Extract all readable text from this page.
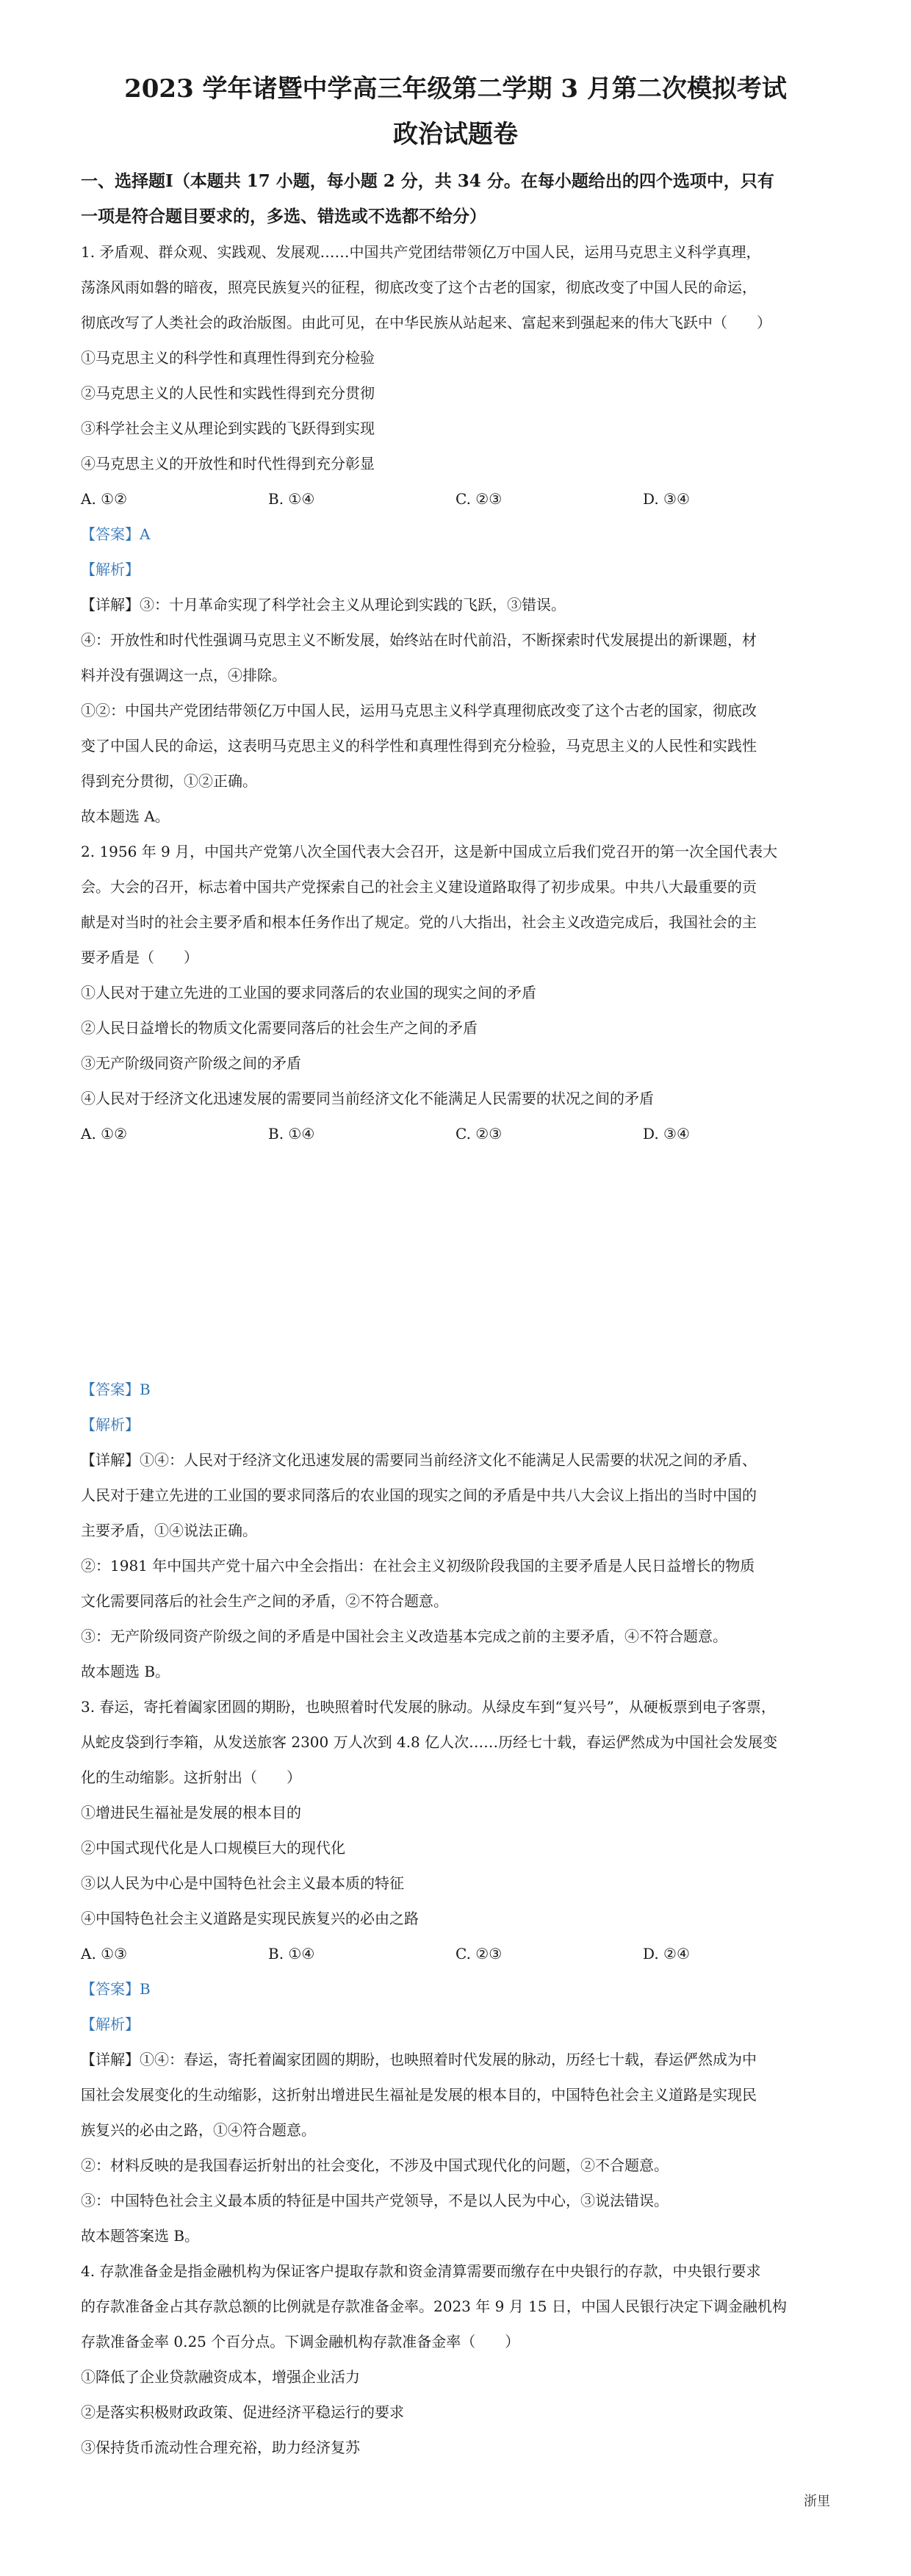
2023 学年诸暨中学高三年级第二学期 3 月第二次模拟考试
政治试题卷

一、选择题Ⅰ（本题共 17 小题，每小题 2 分，共 34 分。在每小题给出的四个选项中，只有

一项是符合题目要求的，多选、错选或不选都不给分）

1. 矛盾观、群众观、实践观、发展观……中国共产党团结带领亿万中国人民，运用马克思主义科学真理，

荡涤风雨如磐的暗夜，照亮民族复兴的征程，彻底改变了这个古老的国家，彻底改变了中国人民的命运，

彻底改写了人类社会的政治版图。由此可见，在中华民族从站起来、富起来到强起来的伟大飞跃中（　　）

①马克思主义的科学性和真理性得到充分检验

②马克思主义的人民性和实践性得到充分贯彻

③科学社会主义从理论到实践的飞跃得到实现

④马克思主义的开放性和时代性得到充分彰显

A. ①②	B. ①④	C. ②③	D. ③④

【答案】A

【解析】

【详解】③：十月革命实现了科学社会主义从理论到实践的飞跃，③错误。

④：开放性和时代性强调马克思主义不断发展，始终站在时代前沿，不断探索时代发展提出的新课题，材

料并没有强调这一点，④排除。

①②：中国共产党团结带领亿万中国人民，运用马克思主义科学真理彻底改变了这个古老的国家，彻底改

变了中国人民的命运，这表明马克思主义的科学性和真理性得到充分检验，马克思主义的人民性和实践性

得到充分贯彻，①②正确。

故本题选 A。

2. 1956 年 9 月，中国共产党第八次全国代表大会召开，这是新中国成立后我们党召开的第一次全国代表大

会。大会的召开，标志着中国共产党探索自己的社会主义建设道路取得了初步成果。中共八大最重要的贡

献是对当时的社会主要矛盾和根本任务作出了规定。党的八大指出，社会主义改造完成后，我国社会的主

要矛盾是（　　）

①人民对于建立先进的工业国的要求同落后的农业国的现实之间的矛盾

②人民日益增长的物质文化需要同落后的社会生产之间的矛盾

③无产阶级同资产阶级之间的矛盾

④人民对于经济文化迅速发展的需要同当前经济文化不能满足人民需要的状况之间的矛盾

A. ①②	B. ①④	C. ②③	D. ③④

【答案】B

【解析】

【详解】①④：人民对于经济文化迅速发展的需要同当前经济文化不能满足人民需要的状况之间的矛盾、

人民对于建立先进的工业国的要求同落后的农业国的现实之间的矛盾是中共八大会议上指出的当时中国的

主要矛盾，①④说法正确。

②：1981 年中国共产党十届六中全会指出：在社会主义初级阶段我国的主要矛盾是人民日益增长的物质

文化需要同落后的社会生产之间的矛盾，②不符合题意。

③：无产阶级同资产阶级之间的矛盾是中国社会主义改造基本完成之前的主要矛盾，④不符合题意。

故本题选 B。

3. 春运，寄托着阖家团圆的期盼，也映照着时代发展的脉动。从绿皮车到“复兴号”，从硬板票到电子客票，

从蛇皮袋到行李箱，从发送旅客 2300 万人次到 4.8 亿人次……历经七十载，春运俨然成为中国社会发展变

化的生动缩影。这折射出（　　）

①增进民生福祉是发展的根本目的

②中国式现代化是人口规模巨大的现代化

③以人民为中心是中国特色社会主义最本质的特征

④中国特色社会主义道路是实现民族复兴的必由之路

A. ①③	B. ①④	C. ②③	D. ②④

【答案】B

【解析】

【详解】①④：春运，寄托着阖家团圆的期盼，也映照着时代发展的脉动，历经七十载，春运俨然成为中

国社会发展变化的生动缩影，这折射出增进民生福祉是发展的根本目的，中国特色社会主义道路是实现民

族复兴的必由之路，①④符合题意。

②：材料反映的是我国春运折射出的社会变化，不涉及中国式现代化的问题，②不合题意。

③：中国特色社会主义最本质的特征是中国共产党领导，不是以人民为中心，③说法错误。

故本题答案选 B。

4. 存款准备金是指金融机构为保证客户提取存款和资金清算需要而缴存在中央银行的存款，中央银行要求

的存款准备金占其存款总额的比例就是存款准备金率。2023 年 9 月 15 日，中国人民银行决定下调金融机构

存款准备金率 0.25 个百分点。下调金融机构存款准备金率（　　）

①降低了企业贷款融资成本，增强企业活力

②是落实积极财政政策、促进经济平稳运行的要求

③保持货币流动性合理充裕，助力经济复苏

浙里
